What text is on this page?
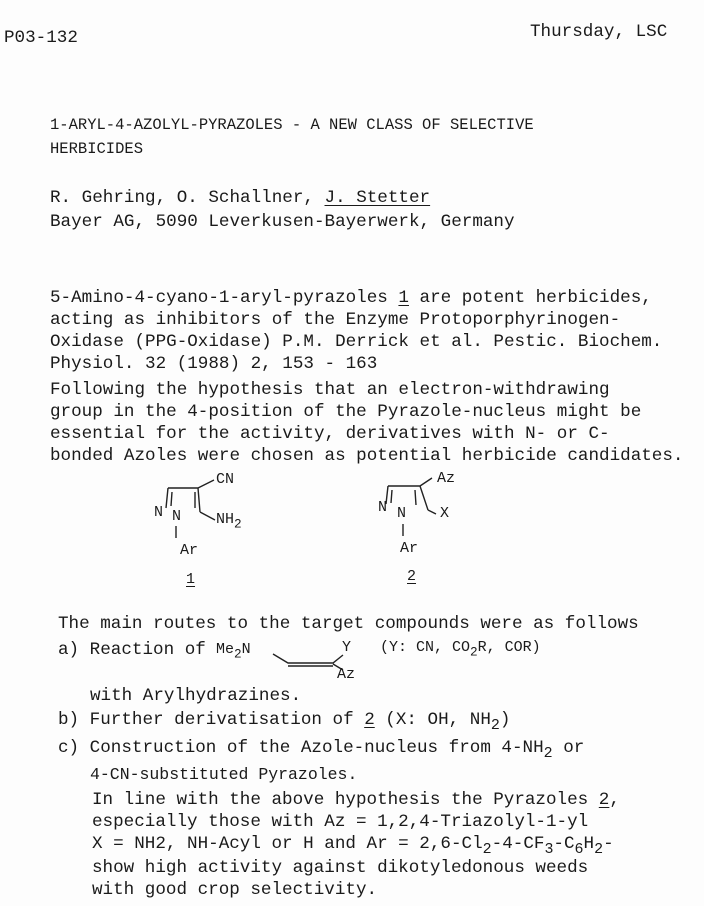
P03-132	Thursday, LSC
1-ARYL-4-AZOLYL-PYRAZOLES - A NEW CLASS OF SELECTIVE
HERBICIDES
R. Gehring, O. Schallner, J. Stetter
Bayer AG, 5090 Leverkusen-Bayerwerk, Germany
5-Amino-4-cyano-1-aryl-pyrazoles 1 are potent herbicides,
acting as inhibitors of the Enzyme Protoporphyrinogen-
Oxidase (PPG-Oxidase) P.M. Derrick et al. Pestic. Biochem.
Physiol. 32 (1988) 2, 153 - 163
Following the hypothesis that an electron-withdrawing
group in the 4-position of the Pyrazole-nucleus might be
essential for the activity, derivatives with N- or C-
bonded Azoles were chosen as potential herbicide candidates.
CN
$NH_2$
N N
Ar
1
Az
X
N N
Ar
2
The main routes to the target compounds were as follows
a) Reaction of $Me_2N$	Y
Az
(Y: CN, $CO_2R$, COR)
with Arylhydrazines.
b) Further derivatisation of 2 (X: OH, $NH_2$)
c) Construction of the Azole-nucleus from $4-NH_2$ or
4-CN-substituted Pyrazoles.
In line with the above hypothesis the Pyrazoles 2,
especially those with Az = 1,2,4-Triazolyl-1-yl
X = NH2, NH-Acyl or H and $Ar = 2,6-Cl_2-4-CF_3-C_6H_2-$
show high activity against dikotyledonous weeds
with good crop selectivity.
